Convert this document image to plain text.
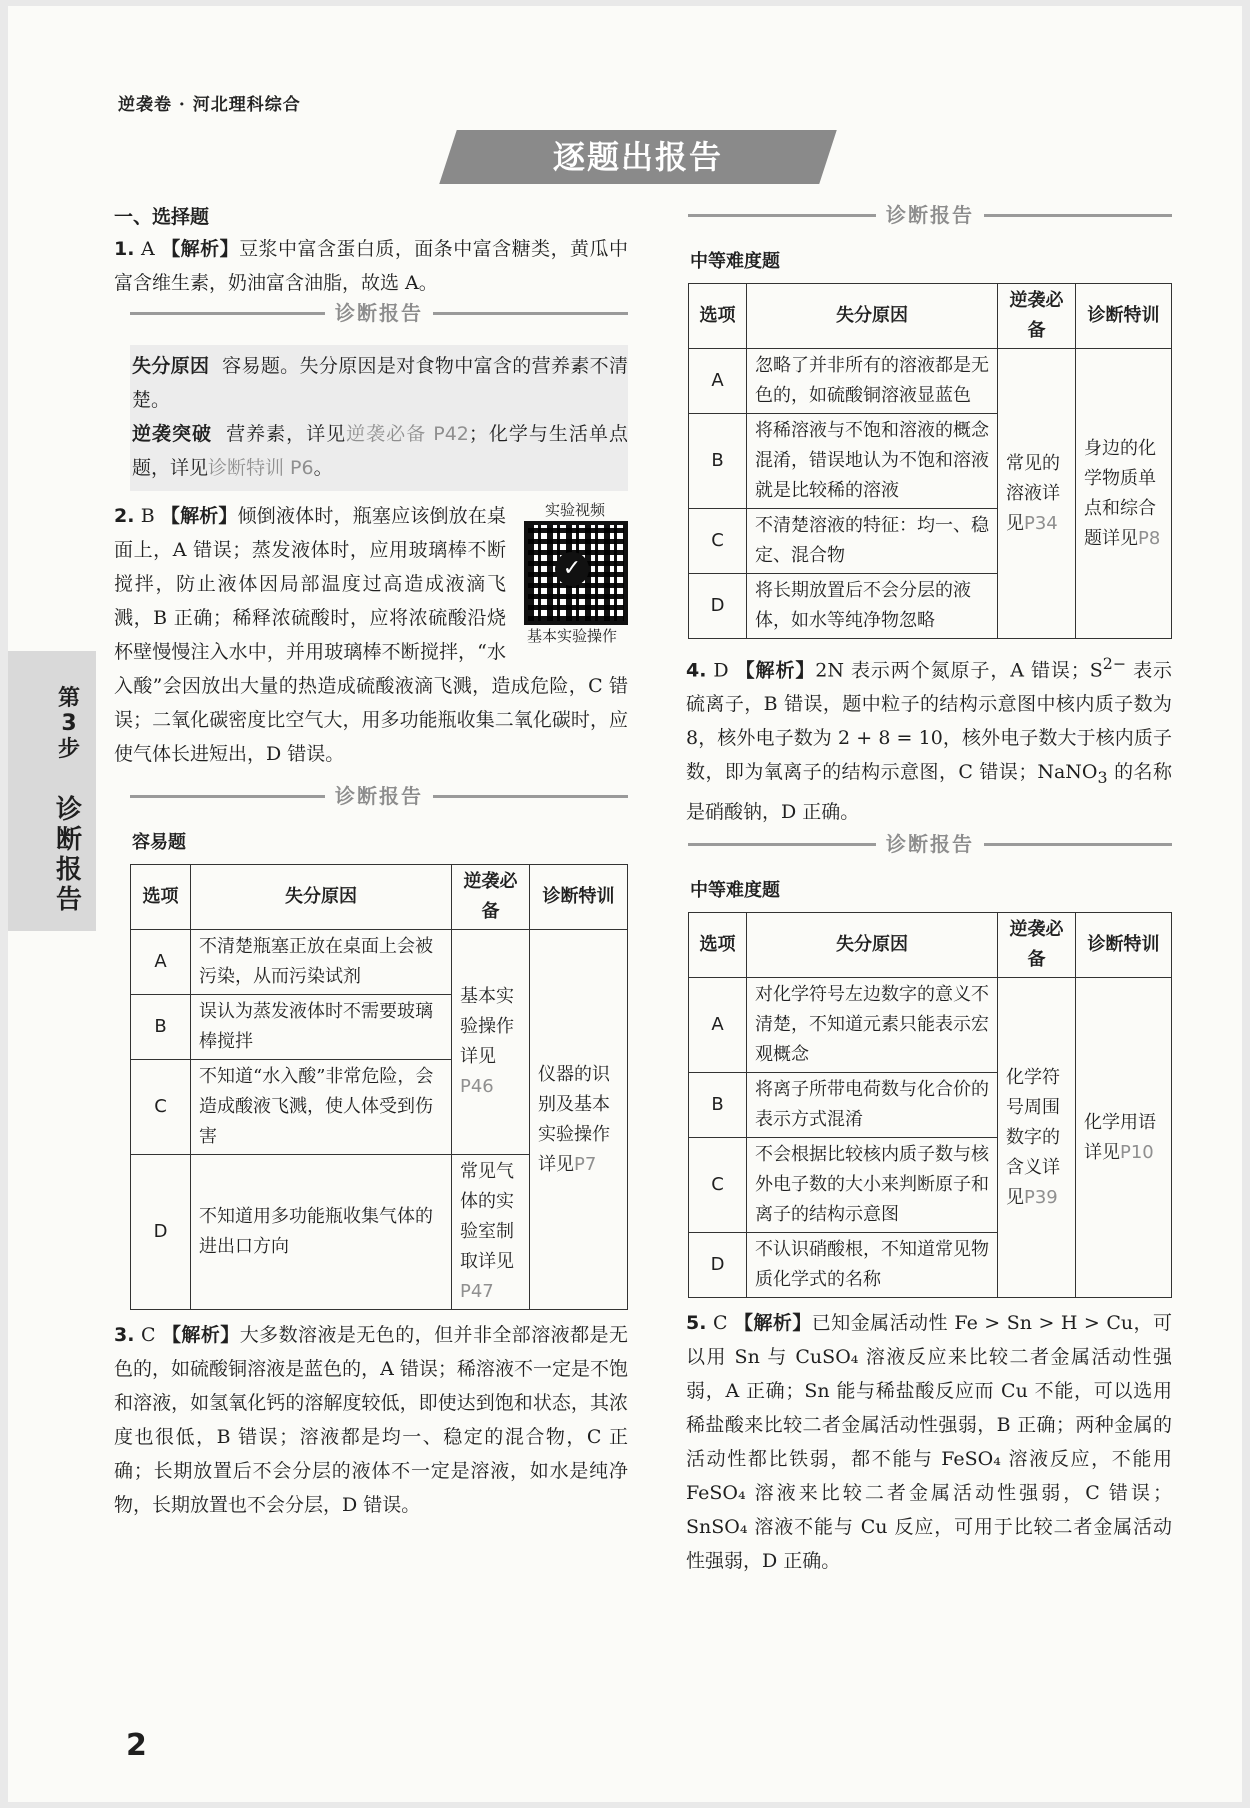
逆袭卷 · 河北理科综合
逐题出报告
第3步
诊断报告
一、选择题

1. A 【解析】豆浆中富含蛋白质，面条中富含糖类，黄瓜中富含维生素，奶油富含油脂，故选 A。

诊断报告

失分原因 容易题。失分原因是对食物中富含的营养素不清楚。

逆袭突破 营养素，详见逆袭必备 P42；化学与生活单点题，详见诊断特训 P6。

实验视频
✓
基本实验操作

2. B 【解析】倾倒液体时，瓶塞应该倒放在桌面上，A 错误；蒸发液体时，应用玻璃棒不断搅拌，防止液体因局部温度过高造成液滴飞溅，B 正确；稀释浓硫酸时，应将浓硫酸沿烧杯壁慢慢注入水中，并用玻璃棒不断搅拌，“水入酸”会因放出大量的热造成硫酸液滴飞溅，造成危险，C 错误；二氧化碳密度比空气大，用多功能瓶收集二氧化碳时，应使气体长进短出，D 错误。

诊断报告
容易题
选项	失分原因	逆袭必备	诊断特训
A	不清楚瓶塞正放在桌面上会被污染，从而污染试剂	基本实验操作详见P46	仪器的识别及基本实验操作详见P7
B	误认为蒸发液体时不需要玻璃棒搅拌		
C	不知道“水入酸”非常危险，会造成酸液飞溅，使人体受到伤害		
D	不知道用多功能瓶收集气体的进出口方向	常见气体的实验室制取详见P47	

3. C 【解析】大多数溶液是无色的，但并非全部溶液都是无色的，如硫酸铜溶液是蓝色的，A 错误；稀溶液不一定是不饱和溶液，如氢氧化钙的溶解度较低，即使达到饱和状态，其浓度也很低，B 错误；溶液都是均一、稳定的混合物，C 正确；长期放置后不会分层的液体不一定是溶液，如水是纯净物，长期放置也不会分层，D 错误。

诊断报告
中等难度题
选项	失分原因	逆袭必备	诊断特训
A	忽略了并非所有的溶液都是无色的，如硫酸铜溶液显蓝色	常见的溶液详见P34	身边的化学物质单点和综合题详见P8
B	将稀溶液与不饱和溶液的概念混淆，错误地认为不饱和溶液就是比较稀的溶液		
C	不清楚溶液的特征：均一、稳定、混合物		
D	将长期放置后不会分层的液体，如水等纯净物忽略		

4. D 【解析】2N 表示两个氮原子，A 错误；$S^{2-}$ 表示硫离子，B 错误，题中粒子的结构示意图中核内质子数为 8，核外电子数为 2 + 8 = 10，核外电子数大于核内质子数，即为氧离子的结构示意图，C 错误；NaNO$_3$ 的名称是硝酸钠，D 正确。

诊断报告
中等难度题
选项	失分原因	逆袭必备	诊断特训
A	对化学符号左边数字的意义不清楚，不知道元素只能表示宏观概念	化学符号周围数字的含义详见P39	化学用语详见P10
B	将离子所带电荷数与化合价的表示方式混淆		
C	不会根据比较核内质子数与核外电子数的大小来判断原子和离子的结构示意图		
D	不认识硝酸根，不知道常见物质化学式的名称		

5. C 【解析】已知金属活动性 Fe > Sn > H > Cu，可以用 Sn 与 CuSO₄ 溶液反应来比较二者金属活动性强弱，A 正确；Sn 能与稀盐酸反应而 Cu 不能，可以选用稀盐酸来比较二者金属活动性强弱，B 正确；两种金属的活动性都比铁弱，都不能与 FeSO₄ 溶液反应，不能用 FeSO₄ 溶液来比较二者金属活动性强弱，C 错误；SnSO₄ 溶液不能与 Cu 反应，可用于比较二者金属活动性强弱，D 正确。

2
